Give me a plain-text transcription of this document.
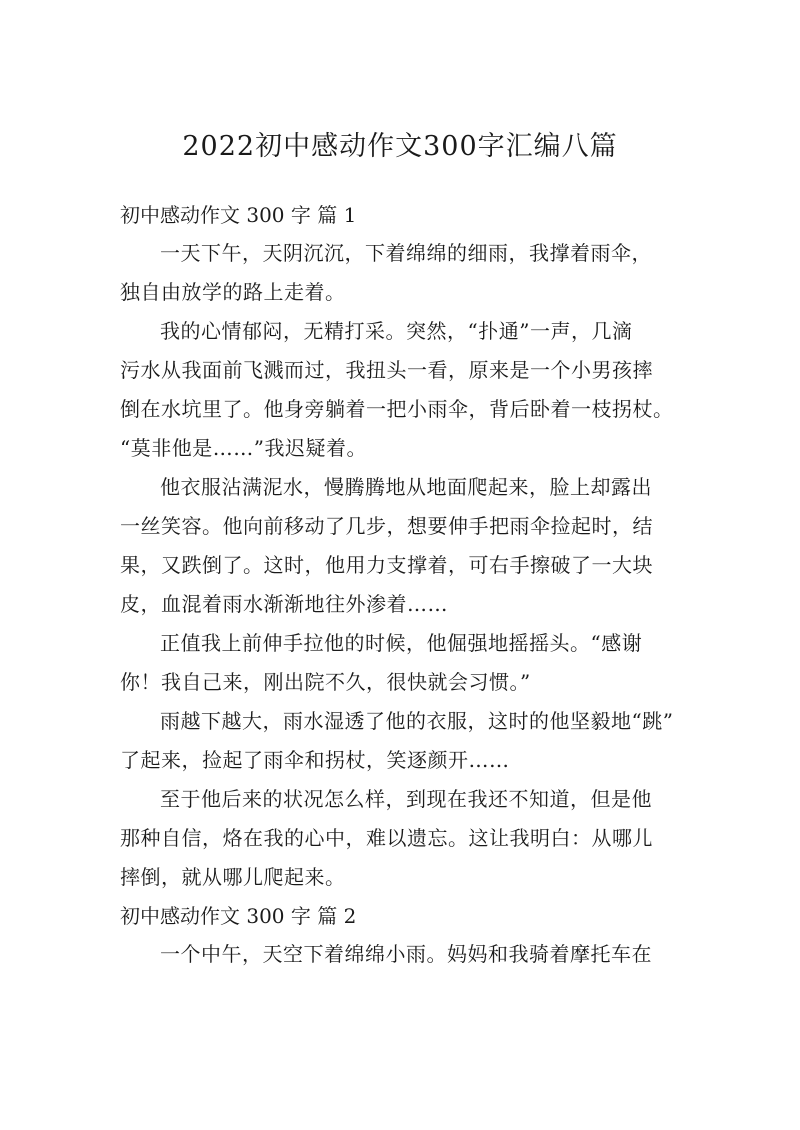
2022初中感动作文300字汇编八篇
初中感动作文 300 字 篇 1
一天下午，天阴沉沉，下着绵绵的细雨，我撑着雨伞，
独自由放学的路上走着。
我的心情郁闷，无精打采。突然，“扑通”一声，几滴
污水从我面前飞溅而过，我扭头一看，原来是一个小男孩摔
倒在水坑里了。他身旁躺着一把小雨伞，背后卧着一枝拐杖。
“莫非他是……”我迟疑着。
他衣服沾满泥水，慢腾腾地从地面爬起来，脸上却露出
一丝笑容。他向前移动了几步，想要伸手把雨伞捡起时，结
果，又跌倒了。这时，他用力支撑着，可右手擦破了一大块
皮，血混着雨水渐渐地往外渗着……
正值我上前伸手拉他的时候，他倔强地摇摇头。“感谢
你！我自己来，刚出院不久，很快就会习惯。”
雨越下越大，雨水湿透了他的衣服，这时的他坚毅地“跳”
了起来，捡起了雨伞和拐杖，笑逐颜开……
至于他后来的状况怎么样，到现在我还不知道，但是他
那种自信，烙在我的心中，难以遗忘。这让我明白：从哪儿
摔倒，就从哪儿爬起来。
初中感动作文 300 字 篇 2
一个中午，天空下着绵绵小雨。妈妈和我骑着摩托车在
